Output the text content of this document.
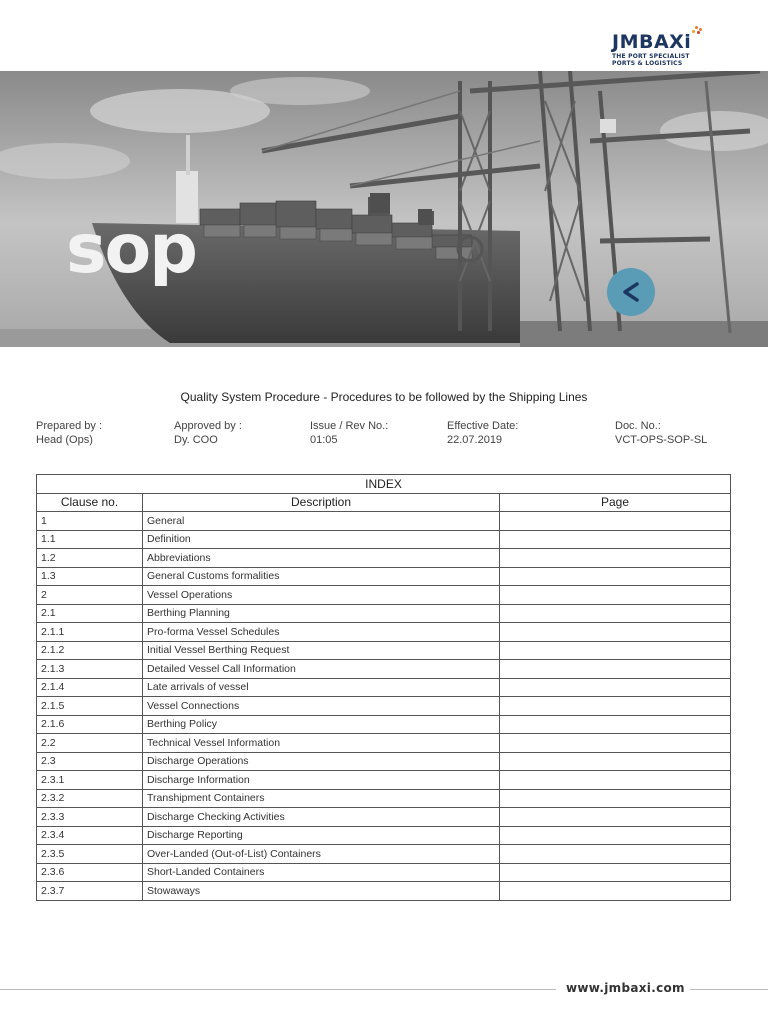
JMBAXi
THE PORT SPECIALIST
PORTS & LOGISTICS
sop
Quality System Procedure - Procedures to be followed by the Shipping Lines
Prepared by :
Head (Ops)
Approved by :
Dy. COO
Issue / Rev No.:
01:05
Effective Date:
22.07.2019
Doc. No.:
VCT-OPS-SOP-SL
INDEX		
Clause no.	Description	Page
1	General	
1.1	Definition	
1.2	Abbreviations	
1.3	General Customs formalities	
2	Vessel Operations	
2.1	Berthing Planning	
2.1.1	Pro-forma Vessel Schedules	
2.1.2	Initial Vessel Berthing Request	
2.1.3	Detailed Vessel Call Information	
2.1.4	Late arrivals of vessel	
2.1.5	Vessel Connections	
2.1.6	Berthing Policy	
2.2	Technical Vessel Information	
2.3	Discharge Operations	
2.3.1	Discharge Information	
2.3.2	Transhipment Containers	
2.3.3	Discharge Checking Activities	
2.3.4	Discharge Reporting	
2.3.5	Over-Landed (Out-of-List) Containers	
2.3.6	Short-Landed Containers	
2.3.7	Stowaways	
www.jmbaxi.com
